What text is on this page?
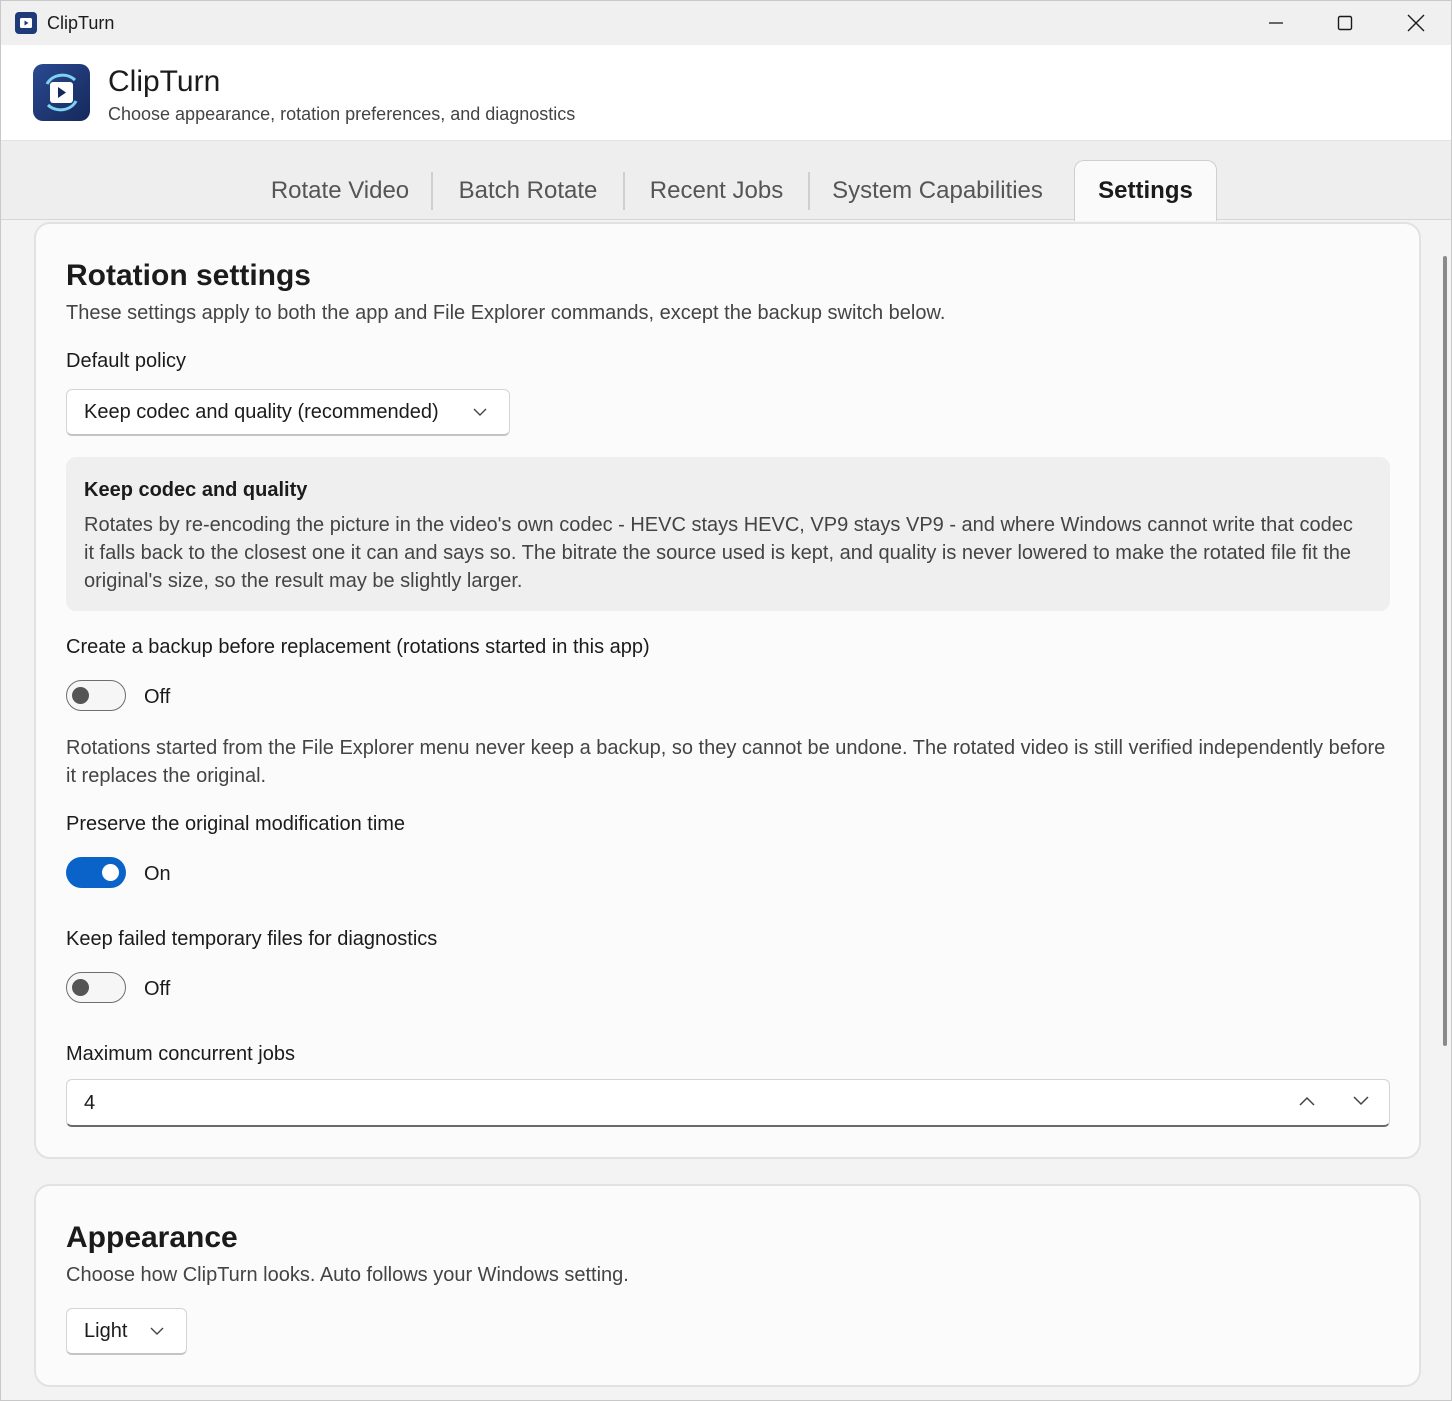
ClipTurn
ClipTurn
Choose appearance, rotation preferences, and diagnostics
Rotate Video	Batch Rotate	Recent Jobs	System Capabilities	Settings
Rotation settings
These settings apply to both the app and File Explorer commands, except the backup switch below.
Default policy
Keep codec and quality (recommended)
Keep codec and quality
Rotates by re-encoding the picture in the video's own codec - HEVC stays HEVC, VP9 stays VP9 - and where Windows cannot write that codec it falls back to the closest one it can and says so. The bitrate the source used is kept, and quality is never lowered to make the rotated file fit the original's size, so the result may be slightly larger.
Create a backup before replacement (rotations started in this app)
Off
Rotations started from the File Explorer menu never keep a backup, so they cannot be undone. The rotated video is still verified independently before it replaces the original.
Preserve the original modification time
On
Keep failed temporary files for diagnostics
Off
Maximum concurrent jobs
4
Appearance
Choose how ClipTurn looks. Auto follows your Windows setting.
Light
